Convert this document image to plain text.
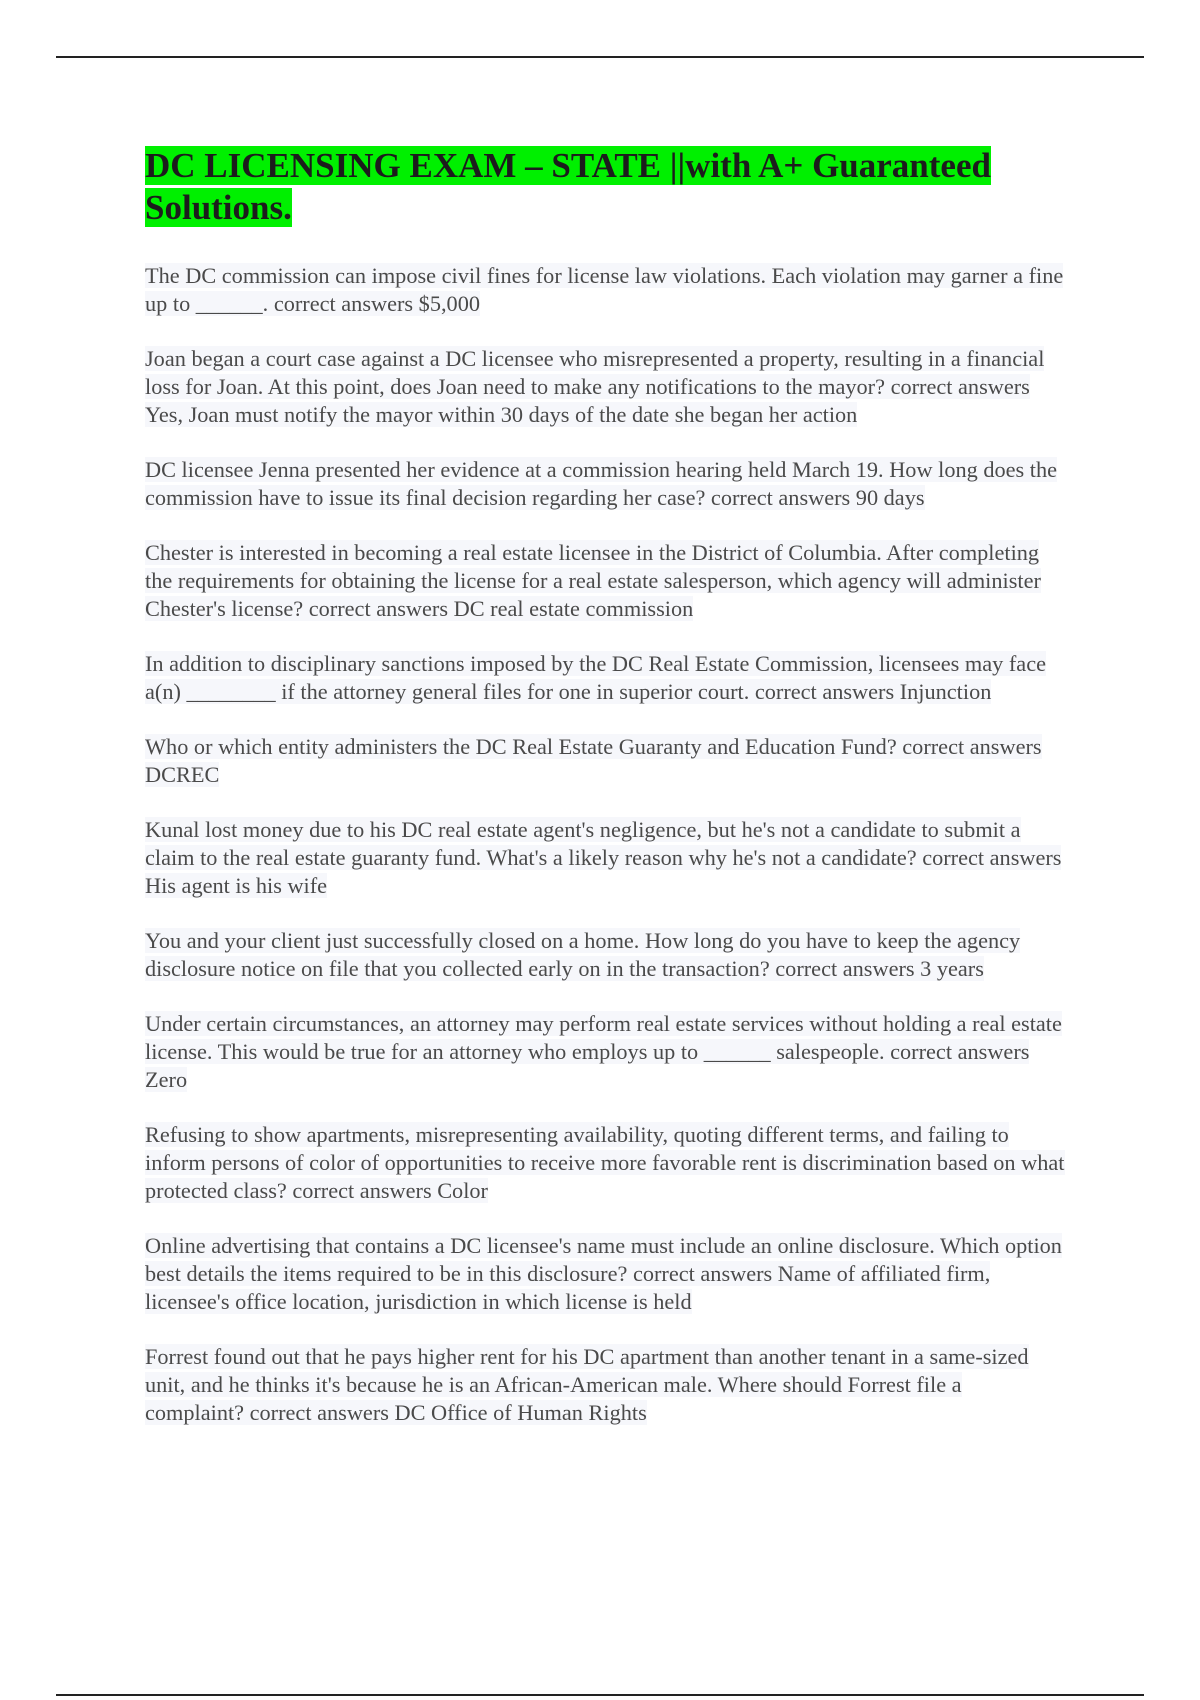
DC LICENSING EXAM – STATE ||with A+ Guaranteed Solutions.

The DC commission can impose civil fines for license law violations. Each violation may garner a fine up to ______. correct answers $5,000

Joan began a court case against a DC licensee who misrepresented a property, resulting in a financial loss for Joan. At this point, does Joan need to make any notifications to the mayor? correct answers Yes, Joan must notify the mayor within 30 days of the date she began her action

DC licensee Jenna presented her evidence at a commission hearing held March 19. How long does the commission have to issue its final decision regarding her case? correct answers 90 days

Chester is interested in becoming a real estate licensee in the District of Columbia. After completing the requirements for obtaining the license for a real estate salesperson, which agency will administer Chester's license? correct answers DC real estate commission

In addition to disciplinary sanctions imposed by the DC Real Estate Commission, licensees may face a(n) ________ if the attorney general files for one in superior court. correct answers Injunction

Who or which entity administers the DC Real Estate Guaranty and Education Fund? correct answers DCREC

Kunal lost money due to his DC real estate agent's negligence, but he's not a candidate to submit a claim to the real estate guaranty fund. What's a likely reason why he's not a candidate? correct answers His agent is his wife

You and your client just successfully closed on a home. How long do you have to keep the agency disclosure notice on file that you collected early on in the transaction? correct answers 3 years

Under certain circumstances, an attorney may perform real estate services without holding a real estate license. This would be true for an attorney who employs up to ______ salespeople. correct answers Zero

Refusing to show apartments, misrepresenting availability, quoting different terms, and failing to inform persons of color of opportunities to receive more favorable rent is discrimination based on what protected class? correct answers Color

Online advertising that contains a DC licensee's name must include an online disclosure. Which option best details the items required to be in this disclosure? correct answers Name of affiliated firm, licensee's office location, jurisdiction in which license is held

Forrest found out that he pays higher rent for his DC apartment than another tenant in a same-sized unit, and he thinks it's because he is an African-American male. Where should Forrest file a complaint? correct answers DC Office of Human Rights
